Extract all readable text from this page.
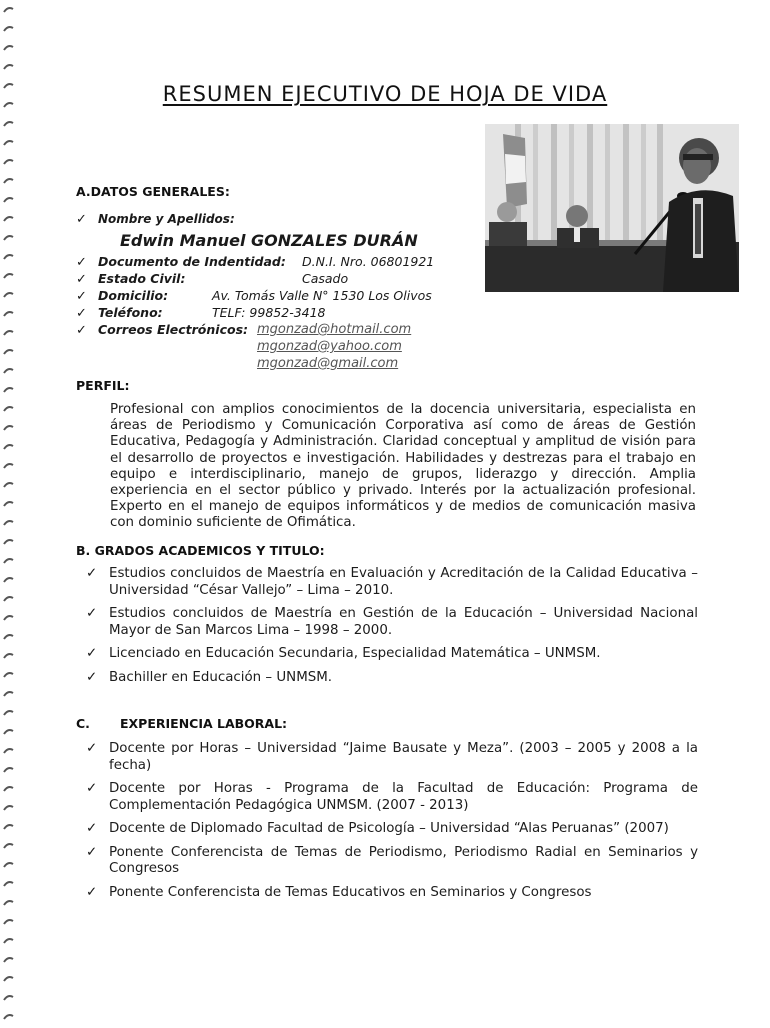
RESUMEN EJECUTIVO DE HOJA DE VIDA
A.DATOS GENERALES:
✓ Nombre y Apellidos:
Edwin Manuel GONZALES DURÁN
✓ Documento de Indentidad: D.N.I. Nro. 06801921
✓ Estado Civil:	Casado
✓ Domicilio:	Av. Tomás Valle N° 1530 Los Olivos
✓ Teléfono:	TELF: 99852-3418
✓ Correos Electrónicos: mgonzad@hotmail.com
mgonzad@yahoo.com
mgonzad@gmail.com
PERFIL:
Profesional con amplios conocimientos de la docencia universitaria, especialista en áreas de Periodismo y Comunicación Corporativa así como de áreas de Gestión Educativa, Pedagogía y Administración. Claridad conceptual y amplitud de visión para el desarrollo de proyectos e investigación. Habilidades y destrezas para el trabajo en equipo e interdisciplinario, manejo de grupos, liderazgo y dirección. Amplia experiencia en el sector público y privado. Interés por la actualización profesional. Experto en el manejo de equipos informáticos y de medios de comunicación masiva con dominio suficiente de Ofimática.
B. GRADOS ACADEMICOS Y TITULO:
✓ Estudios concluidos de Maestría en Evaluación y Acreditación de la Calidad Educativa – Universidad “César Vallejo” – Lima – 2010.
✓ Estudios concluidos de Maestría en Gestión de la Educación – Universidad Nacional Mayor de San Marcos Lima – 1998 – 2000.
✓ Licenciado en Educación Secundaria, Especialidad Matemática – UNMSM.
✓ Bachiller en Educación – UNMSM.
C. EXPERIENCIA LABORAL:
✓ Docente por Horas – Universidad “Jaime Bausate y Meza”. (2003 – 2005 y 2008 a la fecha)
✓ Docente por Horas - Programa de la Facultad de Educación: Programa de Complementación Pedagógica UNMSM. (2007 - 2013)
✓ Docente de Diplomado Facultad de Psicología – Universidad “Alas Peruanas” (2007)
✓ Ponente Conferencista de Temas de Periodismo, Periodismo Radial en Seminarios y Congresos
✓ Ponente Conferencista de Temas Educativos en Seminarios y Congresos
